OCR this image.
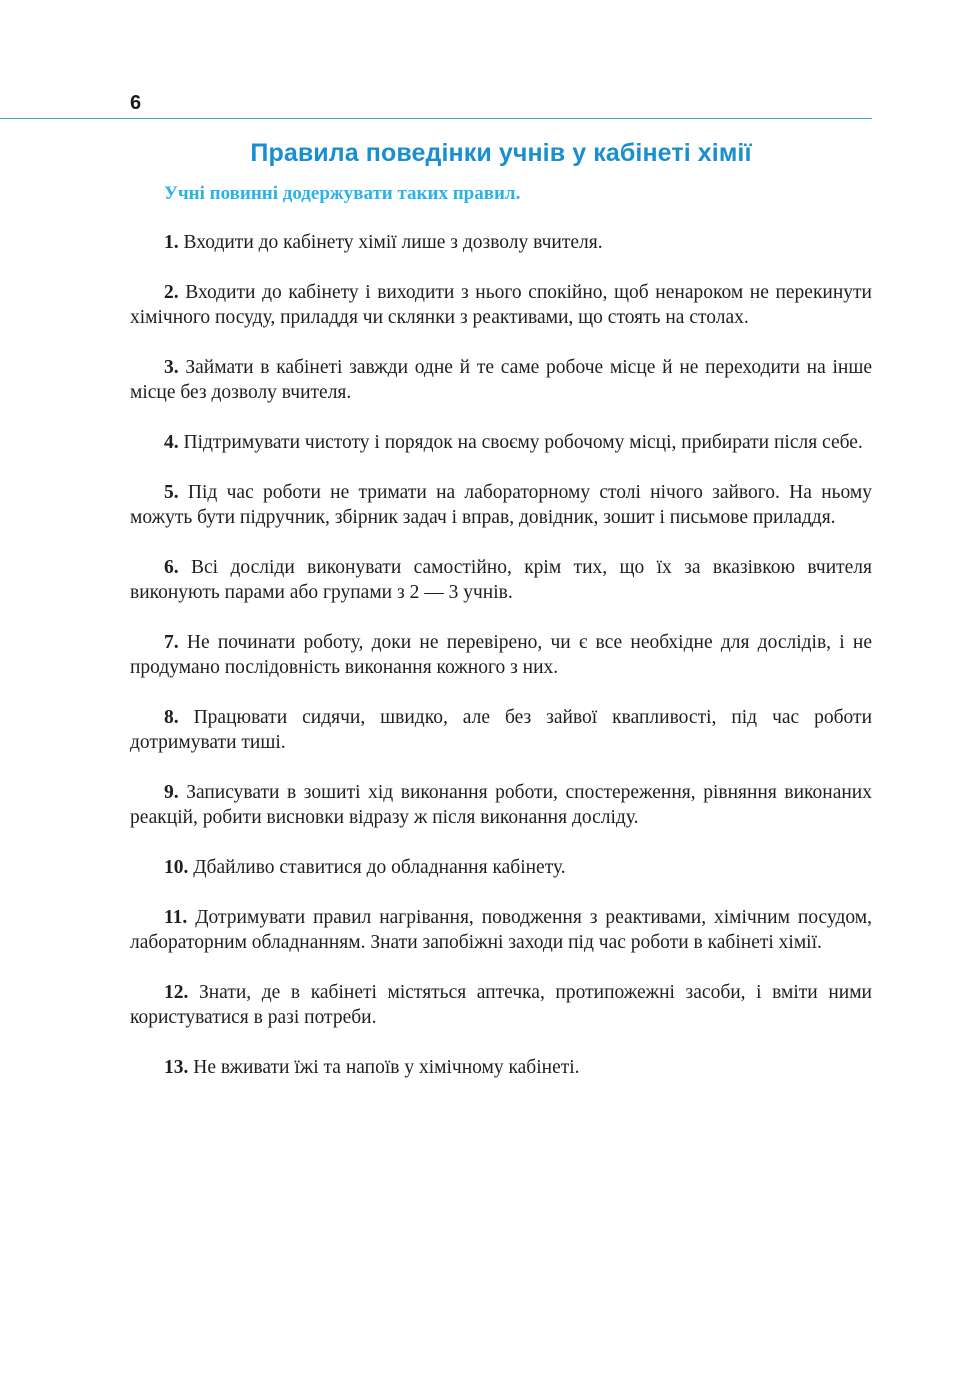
6
Правила поведінки учнів у кабінеті хімії

Учні повинні додержувати таких правил.

1. Входити до кабінету хімії лише з дозволу вчителя.
2. Входити до кабінету і виходити з нього спокійно, щоб ненароком не перекинути хімічного посуду, приладдя чи склянки з реактивами, що стоять на столах.
3. Займати в кабінеті завжди одне й те саме робоче місце й не переходити на інше місце без дозволу вчителя.
4. Підтримувати чистоту і порядок на своєму робочому місці, прибирати після себе.
5. Під час роботи не тримати на лабораторному столі нічого зайвого. На ньому можуть бути підручник, збірник задач і вправ, довідник, зошит і письмове приладдя.
6. Всі досліди виконувати самостійно, крім тих, що їх за вказівкою вчителя виконують парами або групами з 2 — 3 учнів.
7. Не починати роботу, доки не перевірено, чи є все необхідне для дослідів, і не продумано послідовність виконання кожного з них.
8. Працювати сидячи, швидко, але без зайвої квапливості, під час роботи дотримувати тиші.
9. Записувати в зошиті хід виконання роботи, спостереження, рівняння виконаних реакцій, робити висновки відразу ж після виконання досліду.
10. Дбайливо ставитися до обладнання кабінету.
11. Дотримувати правил нагрівання, поводження з реактивами, хімічним посудом, лабораторним обладнанням. Знати запобіжні заходи під час роботи в кабінеті хімії.
12. Знати, де в кабінеті містяться аптечка, протипожежні засоби, і вміти ними користуватися в разі потреби.
13. Не вживати їжі та напоїв у хімічному кабінеті.
